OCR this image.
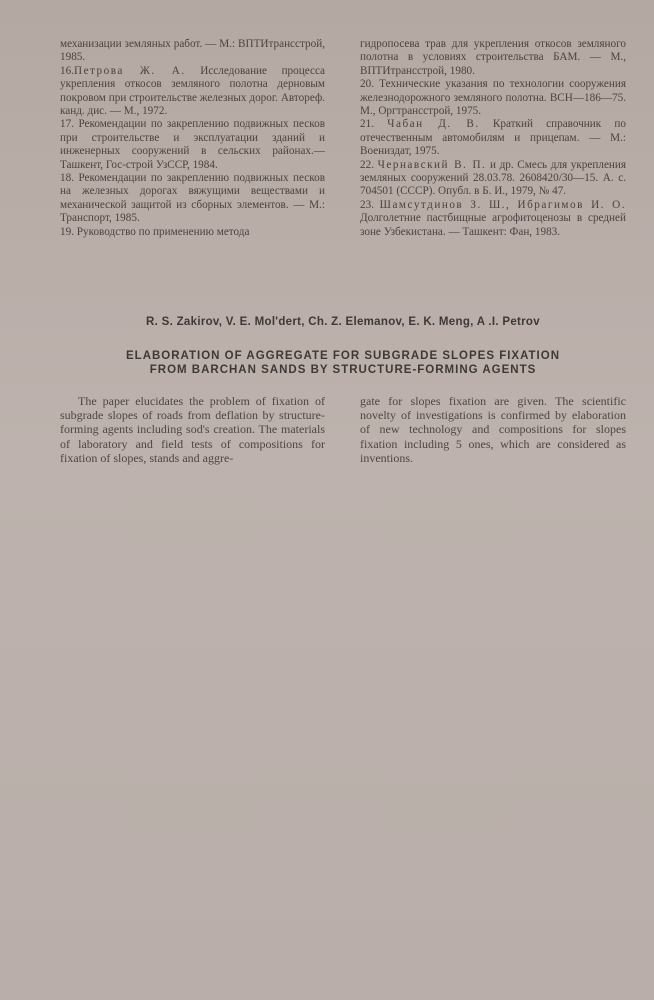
механизации земляных работ. — М.: ВПТИтрансстрой, 1985.

16.Петрова Ж. А. Исследование процесса укрепления откосов земляного полотна дерновым покровом при строительстве железных дорог. Автореф. канд. дис. — М., 1972.

17. Рекомендации по закреплению подвижных песков при строительстве и эксплуатации зданий и инженерных сооружений в сельских районах.—Ташкент, Гос-строй УзССР, 1984.

18. Рекомендации по закреплению подвижных песков на железных дорогах вяжущими веществами и механической защитой из сборных элементов. — М.: Транспорт, 1985.

19. Руководство по применению метода

гидропосева трав для укрепления откосов земляного полотна в условиях строительства БАМ. — М., ВПТИтрансстрой, 1980.

20. Технические указания по технологии сооружения железнодорожного земляного полотна. ВСН—186—75. М., Оргтрансстрой, 1975.

21. Чабан Д. В. Краткий справочник по отечественным автомобилям и прицепам. — М.: Воениздат, 1975.

22. Чернавский В. П. и др. Смесь для укрепления земляных сооружений 28.03.78. 2608420/30—15. А. с. 704501 (СССР). Опубл. в Б. И., 1979, № 47.

23. Шамсутдинов З. Ш., Ибрагимов И. О. Долголетние пастбищные агрофитоценозы в средней зоне Узбекистана. — Ташкент: Фан, 1983.

R. S. Zakirov, V. E. Mol'dert, Ch. Z. Elemanov, E. K. Meng, A .I. Petrov
ELABORATION OF AGGREGATE FOR SUBGRADE SLOPES FIXATION
FROM BARCHAN SANDS BY STRUCTURE-FORMING AGENTS
The paper elucidates the problem of fixation of subgrade slopes of roads from deflation by structure-forming agents including sod's creation. The materials of laboratory and field tests of compositions for fixation of slopes, stands and aggre-
gate for slopes fixation are given. The scientific novelty of investigations is confirmed by elaboration of new technology and compositions for slopes fixation including 5 ones, which are considered as inventions.
